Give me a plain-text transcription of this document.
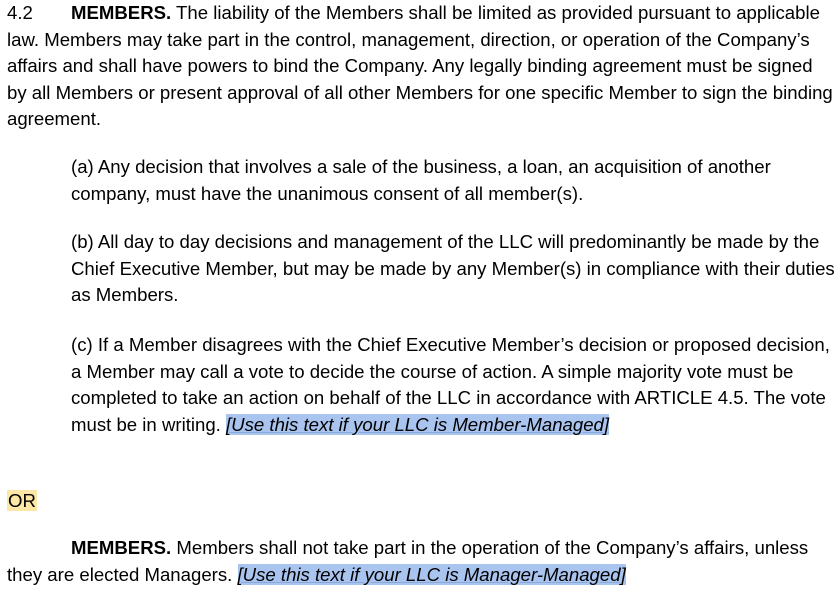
4.2 MEMBERS. The liability of the Members shall be limited as provided pursuant to applicable law. Members may take part in the control, management, direction, or operation of the Company’s affairs and shall have powers to bind the Company. Any legally binding agreement must be signed by all Members or present approval of all other Members for one specific Member to sign the binding agreement.

(a) Any decision that involves a sale of the business, a loan, an acquisition of another company, must have the unanimous consent of all member(s).

(b) All day to day decisions and management of the LLC will predominantly be made by the Chief Executive Member, but may be made by any Member(s) in compliance with their duties as Members.

(c) If a Member disagrees with the Chief Executive Member’s decision or proposed decision, a Member may call a vote to decide the course of action. A simple majority vote must be completed to take an action on behalf of the LLC in accordance with ARTICLE 4.5. The vote must be in writing. [Use this text if your LLC is Member-Managed]

OR

MEMBERS. Members shall not take part in the operation of the Company’s affairs, unless they are elected Managers. [Use this text if your LLC is Manager-Managed]
